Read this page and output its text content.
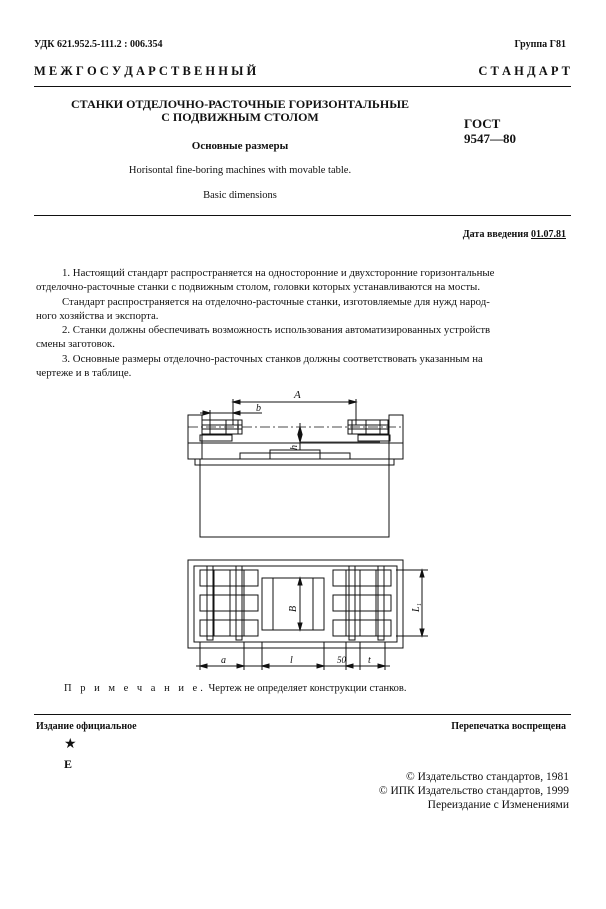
УДК 621.952.5-111.2 : 006.354	Группа Г81
М Е Ж Г О С У Д А Р С Т В Е Н Н Ы Й	С Т А Н Д А Р Т
СТАНКИ ОТДЕЛОЧНО-РАСТОЧНЫЕ ГОРИЗОНТАЛЬНЫЕ
С ПОДВИЖНЫМ СТОЛОМ
Основные размеры
Horisontal fine-boring machines with movable table.
Basic dimensions
ГОСТ
9547—80
Дата введения 01.07.81
1. Настоящий стандарт распространяется на односторонние и двухсторонние горизонтальные
отделочно-расточные станки с подвижным столом, головки которых устанавливаются на мосты.
Стандарт распространяется на отделочно-расточные станки, изготовляемые для нужд народ-
ного хозяйства и экспорта.
2. Станки должны обеспечивать возможность использования автоматизированных устройств
смены заготовок.
3. Основные размеры отделочно-расточных станков должны соответствовать указанным на
чертеже и в таблице.
A
b
h
B	L₁
a	l	50 t
П р и м е ч а н и е. Чертеж не определяет конструкции станков.
Издание официальное	Перепечатка воспрещена
★
Е
© Издательство стандартов, 1981
© ИПК Издательство стандартов, 1999
Переиздание с Изменениями
